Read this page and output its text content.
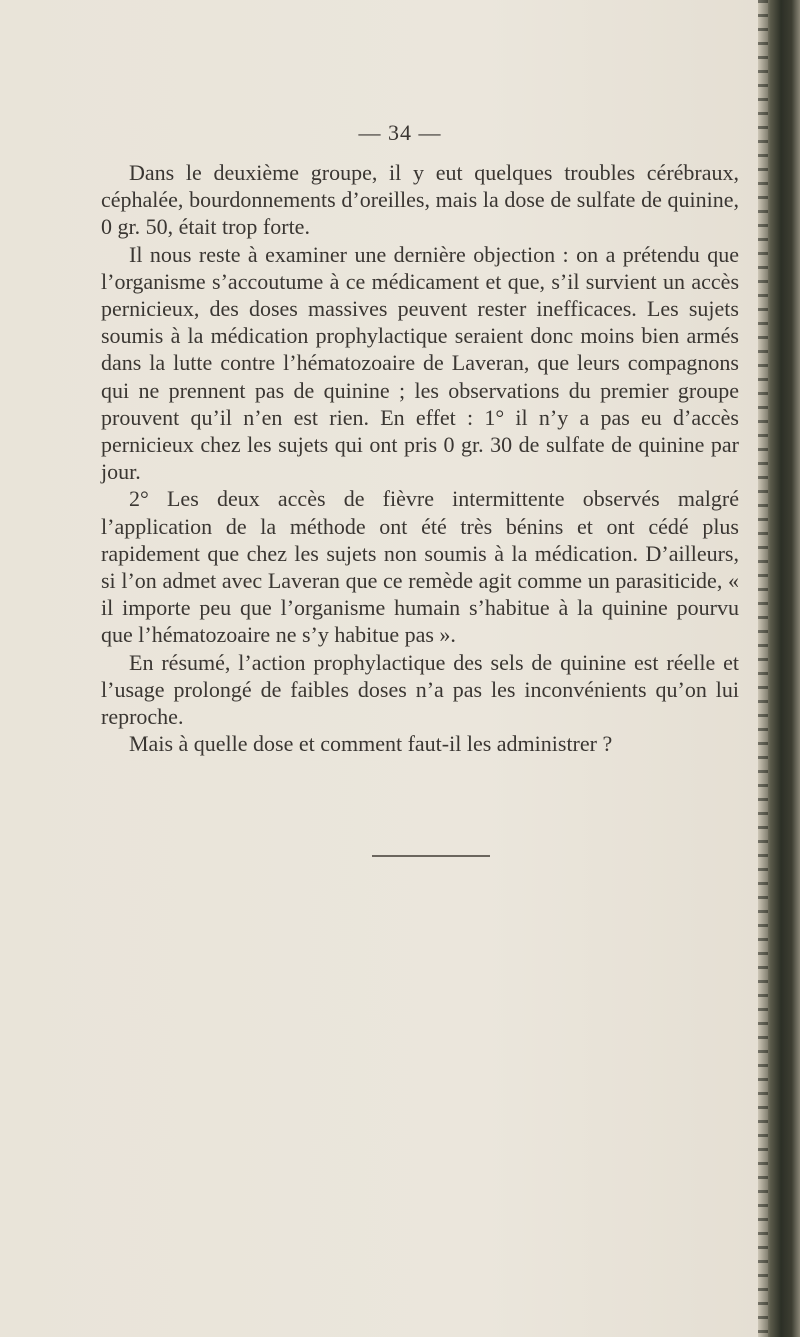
— 34 —

Dans le deuxième groupe, il y eut quelques troubles cérébraux, céphalée, bourdonnements d’oreilles, mais la dose de sulfate de quinine, 0 gr. 50, était trop forte.

Il nous reste à examiner une dernière objection : on a prétendu que l’organisme s’accoutume à ce médicament et que, s’il survient un accès pernicieux, des doses massives peuvent rester inefficaces. Les sujets soumis à la médication prophylactique seraient donc moins bien armés dans la lutte contre l’hématozoaire de Laveran, que leurs compagnons qui ne prennent pas de quinine ; les observations du premier groupe prouvent qu’il n’en est rien. En effet : 1° il n’y a pas eu d’accès pernicieux chez les sujets qui ont pris 0 gr. 30 de sulfate de quinine par jour.

2° Les deux accès de fièvre intermittente observés malgré l’application de la méthode ont été très bénins et ont cédé plus rapidement que chez les sujets non soumis à la médication. D’ailleurs, si l’on admet avec Laveran que ce remède agit comme un parasiticide, « il importe peu que l’organisme humain s’habitue à la quinine pourvu que l’hématozoaire ne s’y habitue pas ».

En résumé, l’action prophylactique des sels de quinine est réelle et l’usage prolongé de faibles doses n’a pas les inconvénients qu’on lui reproche.

Mais à quelle dose et comment faut-il les administrer ?
